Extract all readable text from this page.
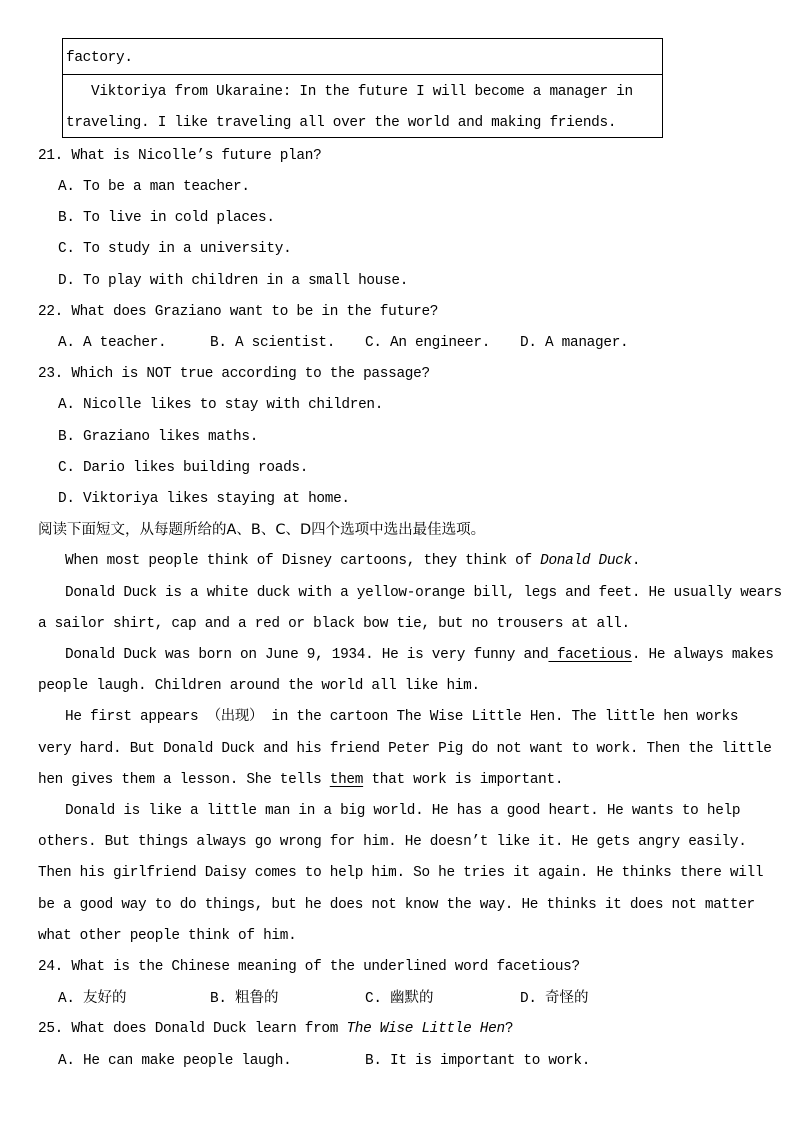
factory.
Viktoriya from Ukaraine: In the future I will become a manager in
traveling. I like traveling all over the world and making friends.
21. What is Nicolle’s future plan?
A. To be a man teacher.
B. To live in cold places.
C. To study in a university.
D. To play with children in a small house.
22. What does Graziano want to be in the future?
A. A teacher.	B. A scientist. C. An engineer. D. A manager.
23. Which is NOT true according to the passage?
A. Nicolle likes to stay with children.
B. Graziano likes maths.
C. Dario likes building roads.
D. Viktoriya likes staying at home.
阅读下面短文，从每题所给的A、B、C、D四个选项中选出最佳选项。
When most people think of Disney cartoons, they think of Donald Duck.
Donald Duck is a white duck with a yellow-orange bill, legs and feet. He usually wears
a sailor shirt, cap and a red or black bow tie, but no trousers at all.
Donald Duck was born on June 9, 1934. He is very funny and facetious. He always makes
people laugh. Children around the world all like him.
He first appears （出现） in the cartoon The Wise Little Hen. The little hen works
very hard. But Donald Duck and his friend Peter Pig do not want to work. Then the little
hen gives them a lesson. She tells them that work is important.
Donald is like a little man in a big world. He has a good heart. He wants to help
others. But things always go wrong for him. He doesn’t like it. He gets angry easily.
Then his girlfriend Daisy comes to help him. So he tries it again. He thinks there will
be a good way to do things, but he does not know the way. He thinks it does not matter
what other people think of him.
24. What is the Chinese meaning of the underlined word facetious?
A. 友好的	B. 粗鲁的	C. 幽默的	D. 奇怪的
25. What does Donald Duck learn from The Wise Little Hen?
A. He can make people laugh.	B. It is important to work.
